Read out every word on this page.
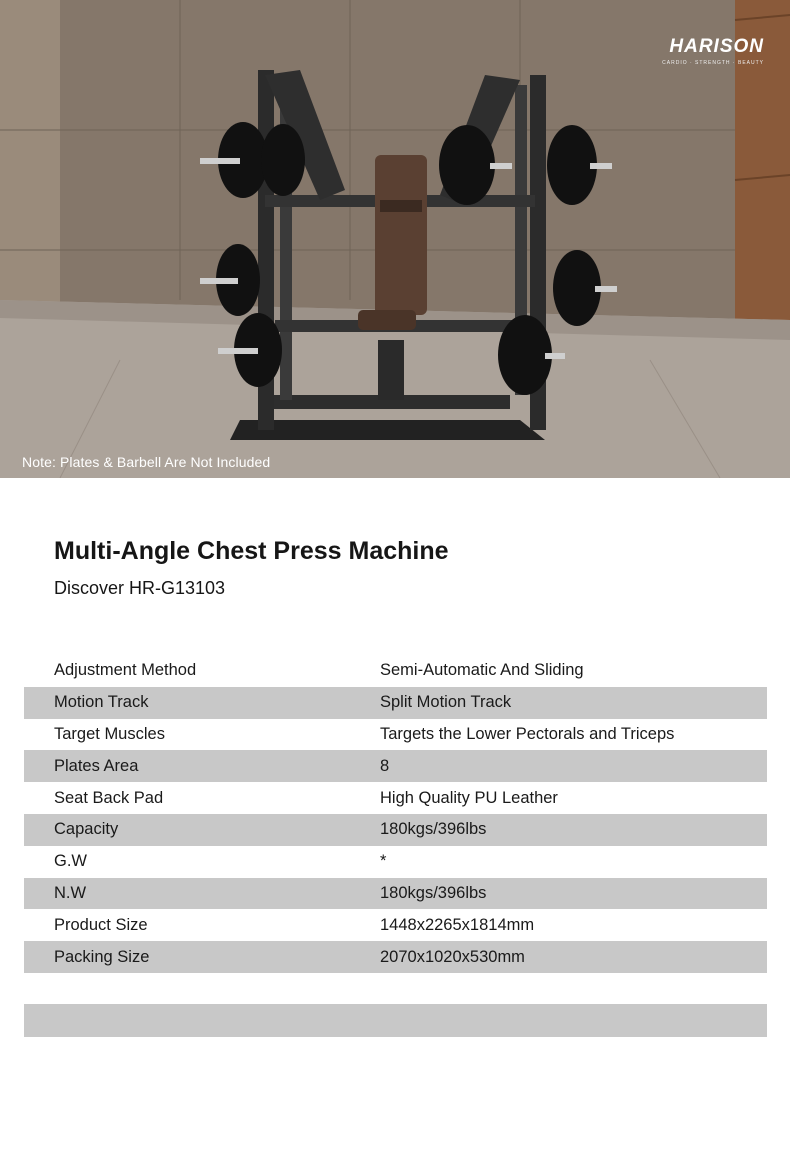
HARISON
CARDIO · STRENGTH · BEAUTY
Note: Plates & Barbell Are Not Included
Multi-Angle Chest Press Machine
Discover HR-G13103
Adjustment Method	Semi-Automatic And Sliding
Motion Track	Split Motion Track
Target Muscles	Targets the Lower Pectorals and Triceps
Plates Area	8
Seat Back Pad	High Quality PU Leather
Capacity	180kgs/396lbs
G.W	*
N.W	180kgs/396lbs
Product Size	1448x2265x1814mm
Packing Size	2070x1020x530mm
